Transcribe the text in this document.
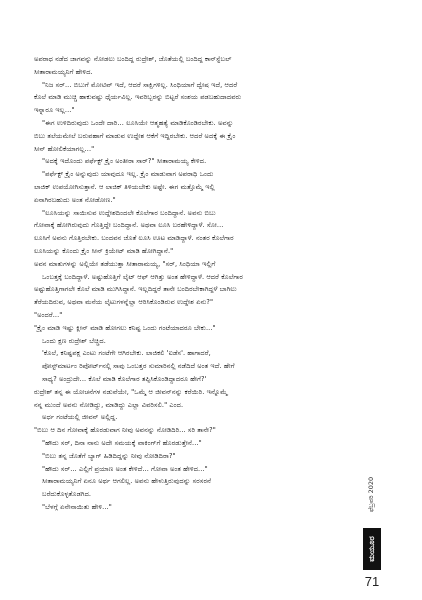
ಅಪರಾಧ ನಡೆದ ಜಾಗವನ್ನು ನೋಡಲು ಬಂದಿದ್ದ ರುದ್ರೇಶ್, ಜೊತೆಯಲ್ಲಿ ಬಂದಿದ್ದ ಕಾನ್‌ಸ್ಟೆಬಲ್
ಸೀತಾರಾಮಯ್ಯನಿಗೆ ಹೇಳಿದ.
"ನಿಜ ಸರ್... ಬಿಬುಗೆ ಮೋಟಿವ್ ಇದೆ, ಆದರೆ ಸಾಕ್ಷಿಗಳಿಲ್ಲ. ಸಿಂಧಿಯಾಗೆ ದ್ವೇಷ ಇದೆ, ಆದರೆ
ಕೊಲೆ ಮಾಡಿ ಮುಚ್ಚಿ ಹಾಕುವಷ್ಟು ಧೈರ್ಯವಿಲ್ಲ. ಇವರಿಬ್ಬರನ್ನು ಬಿಟ್ಟರೆ ಸಂಶಯ ಪಡಬಹುದಾದವರು
ಇನ್ನಾರೂ ಇಲ್ಲ..."
"ಈಗ ಉಳಿದಿರುವುದು ಒಂದೇ ದಾರಿ... ಲೂಸಿಯೇ ಆತ್ಮಹತ್ಯೆ ಮಾಡಿಕೊಂಡಿರಬೇಕು. ಅವನ್ನು
ಬಿಬು ತಲೆಯಮೇಲೆ ಬರುವಹಾಗೆ ಮಾಡುವ ಉದ್ದೇಶ ಆಕೆಗೆ ಇದ್ದಿರಬೇಕು. ಆದರೆ ಅದಕ್ಕೆ ಈ ಕ್ರೈಂ
ಸೀನ್ ಹೋಲಿಕೆಯಾಗಲ್ಲ..."
"ಅದಕ್ಕೆ ಇದೊಂದು ಪರ್ಫೆಕ್ಟ್ ಕ್ರೈಂ ಅಂತೀರಾ ಸಾರ್?" ಸೀತಾರಾಮಯ್ಯ ಕೇಳಿದ.
"ಪರ್ಫೆಕ್ಟ್ ಕ್ರೈಂ ಅನ್ನುವುದು ಯಾವುದೂ ಇಲ್ಲ. ಕ್ರೈಂ ಮಾಡುವಾಗ ಅಪರಾಧಿ ಒಂದು
ಲಾಜಿಕ್ ಉಪಯೋಗಿಸುತ್ತಾನೆ. ಆ ಲಾಜಿಕ್ ತಿಳಿಯಬೇಕು ಅಷ್ಟೇ. ಈಗ ಮತ್ತೊಮ್ಮೆ ಇಲ್ಲಿ
ಏನಾಗಿರಬಹುದು ಅಂತ ನೋಡೋಣ."
"ಲೂಸಿಯನ್ನು ಸಾಯಿಸುವ ಉದ್ದೇಶದಿಂದಲೇ ಕೊಲೆಗಾರ ಬಂದಿದ್ದಾನೆ. ಅವನು ಬಿಬು
ಗೋವಾಕ್ಕೆ ಹೋಗಿರುವುದು ಗೊತ್ತಿದ್ದೇ ಬಂದಿದ್ದಾನೆ. ಅಥವಾ ಲೂಸಿ ಬರಹೇಳಿದ್ದಾಳೆ. ಸೋ...
ಲೂಸಿಗೆ ಅವನು ಗೊತ್ತಿರಬೇಕು. ಬಂದವನ ಜೊತೆ ಲೂಸಿ ಊಟ ಮಾಡಿದ್ದಾಳೆ. ನಂತರ ಕೊಲೆಗಾರ
ಲೂಸಿಯನ್ನು ಕೊಂದು ಕ್ರೈಂ ಸೀನ್ ಕ್ರಿಯೇಟ್ ಮಾಡಿ ಹೋಗಿದ್ದಾನೆ."
ಅವನ ಮಾತುಗಳನ್ನು ಅಲ್ಲಿಯೇ ತಡೆಯುತ್ತಾ ಸೀತಾರಾಮಯ್ಯ, "ಸರ್, ಸಿಂಧಿಯಾ ಇಲ್ಲಿಗೆ
ಒಂಬತ್ತಕ್ಕೆ ಬಂದಿದ್ದಾಳೆ. ಅಷ್ಟುಹೊತ್ತಿಗೆ ಲೈಟ್ ಆಫ್ ಆಗಿತ್ತು ಅಂತ ಹೇಳಿದ್ದಾಳೆ. ಆದರೆ ಕೊಲೆಗಾರ
ಅಷ್ಟುಹೊತ್ತಿಗಾಗಲೇ ಕೊಲೆ ಮಾಡಿ ಮುಗಿಸಿದ್ದಾನೆ. ಇಲ್ಲದಿದ್ದರೆ ತಾನೇ ಬಂದಿರಬೇಕಾಗಿದ್ದಳೆ ಬಾಗಿಲು
ತೆರೆಯದಿರುವ, ಅಥವಾ ಮನೆಯ ಲೈಟುಗಳನ್ನೆಲ್ಲಾ ಆರಿಸಿಕೊಂಡಿರುವ ಉದ್ದೇಶ ಏನು?"
"ಅಂದರೆ..."
"ಕ್ರೈಂ ಮಾಡಿ ಇಷ್ಟು ಕ್ಲೀನ್ ಮಾಡಿ ಹೋಗಲು ಕನಿಷ್ಟ ಒಂದು ಗಂಟೆಯಾದರೂ ಬೇಕು..."
ಒಂದು ಕ್ಷಣ ರುದ್ರೇಶ್ ಬೆಚ್ಚಿದ.
'ಕೊಲೆ, ಕನಿಷ್ಟಪಕ್ಷ ಎಂಟು ಗಂಟೆಗೇ ಆಗಿರಬೇಕು. ಲಾಜಿಕಲಿ 'ಐಡೆಸ'. ಹಾಗಾದರೆ,
ಪೋಸ್ಟ್‌ಮಾರ್ಟಂ ರಿಪೋರ್ಟ್‌ನಲ್ಲಿ ಸಾವು ಒಂಬತ್ತರ ಸುಮಾರಿನಲ್ಲಿ ನಡೆದಿದೆ ಅಂತ ಇದೆ. ಹೇಗೆ
ಸಾಧ್ಯ? ಅಂದ್ರುದೇ... ಕೊಲೆ ಮಾಡಿ ಕೊಲೆಗಾರ ತಪ್ಪಿಸಿಕೊಂಡಿದ್ದಾದರೂ ಹೇಗೆ?'
ರುದ್ರೇಶ್ ತನ್ನ ಈ ಯೋಚನೆಗಳ ನಡುವೆಯೇ, "ಒಮ್ಮೆ ಆ ಜೀವನ್‌ನನ್ನು ಕರೆಯಿರಿ. ಇನ್ನೊಮ್ಮೆ
ನನ್ನ ಮುಂದೆ ಅವನು ನೋಡಿದ್ದು, ಮಾಡಿದ್ದು ಎಲ್ಲಾ ವಿವರಿಸಲಿ." ಎಂದ.
ಅರ್ಧ ಗಂಟೆಯಲ್ಲಿ ಜೀವನ್ ಅಲ್ಲಿದ್ದ.
"ಬಿಬು ಆ ದಿನ ಗೋವಾಕ್ಕೆ ಹೊರಡುವಾಗ ನೀವು ಅವನನ್ನು ನೋಡಿದಿರಿ... ಸರಿ ತಾನೇ?"
"ಹೌದು ಸರ್, ದಿನಾ ನಾನು ಅದೇ ಸಮಯಕ್ಕೆ ವಾಕಿಂಗ್‌ಗೆ ಹೊರಡುತ್ತೇನೆ..."
"ಬಿಬು ತನ್ನ ಜೊತೆಗೆ ಬ್ಯಾಗ್ ಹಿಡಿದಿದ್ದನ್ನು ನೀವು ನೋಡಿದಿರಾ?"
"ಹೌದು ಸರ್... ಎಲ್ಲಿಗೆ ಪ್ರಯಾಣ ಅಂತ ಕೇಳಿದೆ... ಗೋವಾ ಅಂತ ಹೇಳಿದ..."
ಸೀತಾರಾಮಯ್ಯನಿಗೆ ಏನೂ ಅರ್ಥ ಆಗಲಿಲ್ಲ. ಅವನು ಹೇಳುತ್ತಿರುವುದನ್ನು ಸರಸರನೆ
ಬರೆದುಕೊಳ್ಳತೊಡಗಿದ.
"ಬೆಳಗ್ಗೆ ಏನೇನಾಯಿತು ಹೇಳಿ..."	ಫೆಬ್ರವರಿ 2020
ಮಯೂರ
71
